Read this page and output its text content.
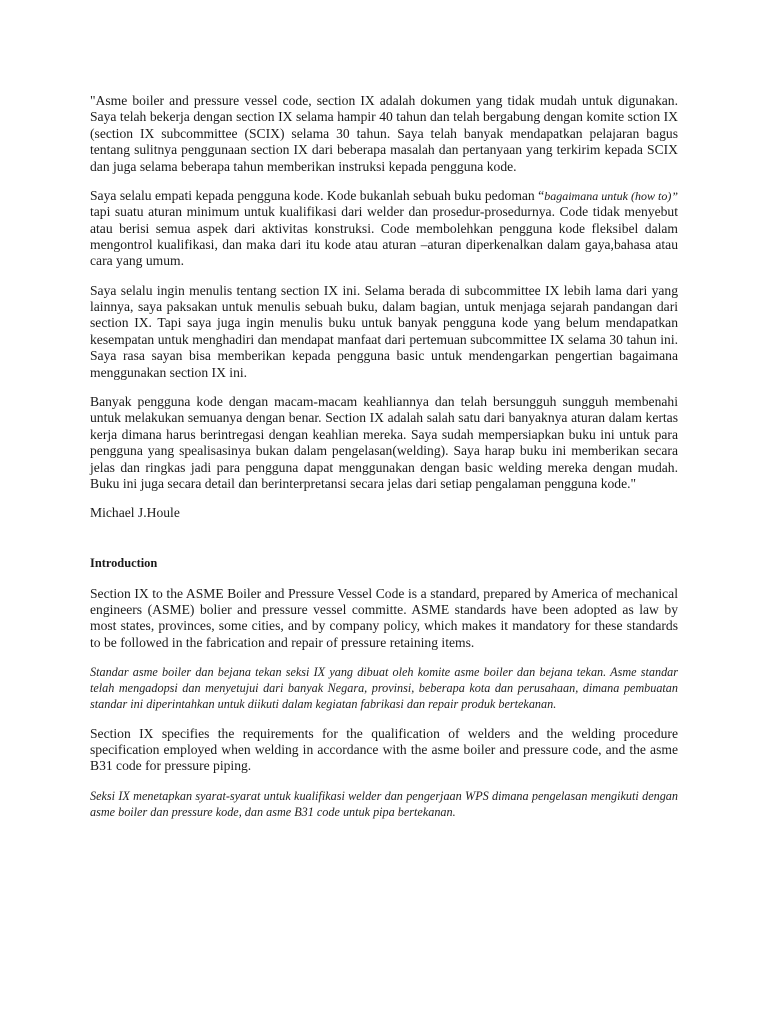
"Asme boiler and pressure vessel code, section IX adalah dokumen yang tidak mudah untuk digunakan. Saya telah bekerja dengan section IX selama hampir 40 tahun dan telah bergabung dengan komite sction IX (section IX subcommittee (SCIX) selama 30 tahun. Saya telah banyak mendapatkan pelajaran bagus tentang sulitnya penggunaan section IX dari beberapa masalah dan pertanyaan yang terkirim kepada SCIX dan juga selama beberapa tahun memberikan instruksi kepada pengguna kode.

Saya selalu empati kepada pengguna kode. Kode bukanlah sebuah buku pedoman “bagaimana untuk (how to)” tapi suatu aturan minimum untuk kualifikasi dari welder dan prosedur-prosedurnya. Code tidak menyebut atau berisi semua aspek dari aktivitas konstruksi. Code membolehkan pengguna kode fleksibel dalam mengontrol kualifikasi, dan maka dari itu kode atau aturan –aturan diperkenalkan dalam gaya,bahasa atau cara yang umum.

Saya selalu ingin menulis tentang section IX ini. Selama berada di subcommittee IX lebih lama dari yang lainnya, saya paksakan untuk menulis sebuah buku, dalam bagian, untuk menjaga sejarah pandangan dari section IX. Tapi saya juga ingin menulis buku untuk banyak pengguna kode yang belum mendapatkan kesempatan untuk menghadiri dan mendapat manfaat dari pertemuan subcommittee IX selama 30 tahun ini. Saya rasa sayan bisa memberikan kepada pengguna basic untuk mendengarkan pengertian bagaimana menggunakan section IX ini.

Banyak pengguna kode dengan macam-macam keahliannya dan telah bersungguh sungguh membenahi untuk melakukan semuanya dengan benar. Section IX adalah salah satu dari banyaknya aturan dalam kertas kerja dimana harus berintregasi dengan keahlian mereka. Saya sudah mempersiapkan buku ini untuk para pengguna yang spealisasinya bukan dalam pengelasan(welding). Saya harap buku ini memberikan secara jelas dan ringkas jadi para pengguna dapat menggunakan dengan basic welding mereka dengan mudah. Buku ini juga secara detail dan berinterpretansi secara jelas dari setiap pengalaman pengguna kode."

Michael J.Houle

Introduction

Section IX to the ASME Boiler and Pressure Vessel Code is a standard, prepared by America of mechanical engineers (ASME) bolier and pressure vessel committe. ASME standards have been adopted as law by most states, provinces, some cities, and by company policy, which makes it mandatory for these standards to be followed in the fabrication and repair of pressure retaining items.

Standar asme boiler dan bejana tekan seksi IX yang dibuat oleh komite asme boiler dan bejana tekan. Asme standar telah mengadopsi dan menyetujui dari banyak Negara, provinsi, beberapa kota dan perusahaan, dimana pembuatan standar ini diperintahkan untuk diikuti dalam kegiatan fabrikasi dan repair produk bertekanan.

Section IX specifies the requirements for the qualification of welders and the welding procedure specification employed when welding in accordance with the asme boiler and pressure code, and the asme B31 code for pressure piping.

Seksi IX menetapkan syarat-syarat untuk kualifikasi welder dan pengerjaan WPS dimana pengelasan mengikuti dengan asme boiler dan pressure kode, dan asme B31 code untuk pipa bertekanan.
